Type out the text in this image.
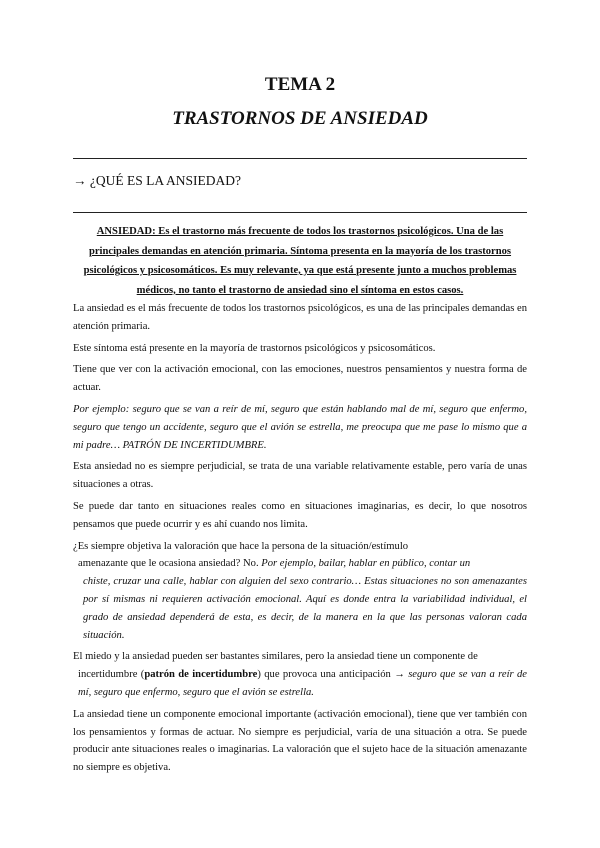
TEMA 2
TRASTORNOS DE ANSIEDAD

→ ¿QUÉ ES LA ANSIEDAD?

ANSIEDAD: Es el trastorno más frecuente de todos los trastornos psicológicos. Una de las principales demandas en atención primaria. Síntoma presenta en la mayoría de los trastornos psicológicos y psicosomáticos. Es muy relevante, ya que está presente junto a muchos problemas médicos, no tanto el trastorno de ansiedad sino el síntoma en estos casos.

La ansiedad es el más frecuente de todos los trastornos psicológicos, es una de las principales demandas en atención primaria.

Este síntoma está presente en la mayoría de trastornos psicológicos y psicosomáticos.

Tiene que ver con la activación emocional, con las emociones, nuestros pensamientos y nuestra forma de actuar.

Por ejemplo: seguro que se van a reír de mí, seguro que están hablando mal de mí, seguro que enfermo, seguro que tengo un accidente, seguro que el avión se estrella, me preocupa que me pase lo mismo que a mi padre… PATRÓN DE INCERTIDUMBRE.

Esta ansiedad no es siempre perjudicial, se trata de una variable relativamente estable, pero varía de unas situaciones a otras.

Se puede dar tanto en situaciones reales como en situaciones imaginarias, es decir, lo que nosotros pensamos que puede ocurrir y es ahí cuando nos limita.

¿Es siempre objetiva la valoración que hace la persona de la situación/estímulo

amenazante que le ocasiona ansiedad? No. Por ejemplo, bailar, hablar en público, contar un

chiste, cruzar una calle, hablar con alguien del sexo contrario… Estas situaciones no son amenazantes por sí mismas ni requieren activación emocional. Aquí es donde entra la variabilidad individual, el grado de ansiedad dependerá de esta, es decir, de la manera en la que las personas valoran cada situación.

El miedo y la ansiedad pueden ser bastantes similares, pero la ansiedad tiene un componente de

incertidumbre (patrón de incertidumbre) que provoca una anticipación → seguro que se van a reír de mí, seguro que enfermo, seguro que el avión se estrella.

La ansiedad tiene un componente emocional importante (activación emocional), tiene que ver también con los pensamientos y formas de actuar. No siempre es perjudicial, varía de una situación a otra. Se puede producir ante situaciones reales o imaginarias. La valoración que el sujeto hace de la situación amenazante no siempre es objetiva.
